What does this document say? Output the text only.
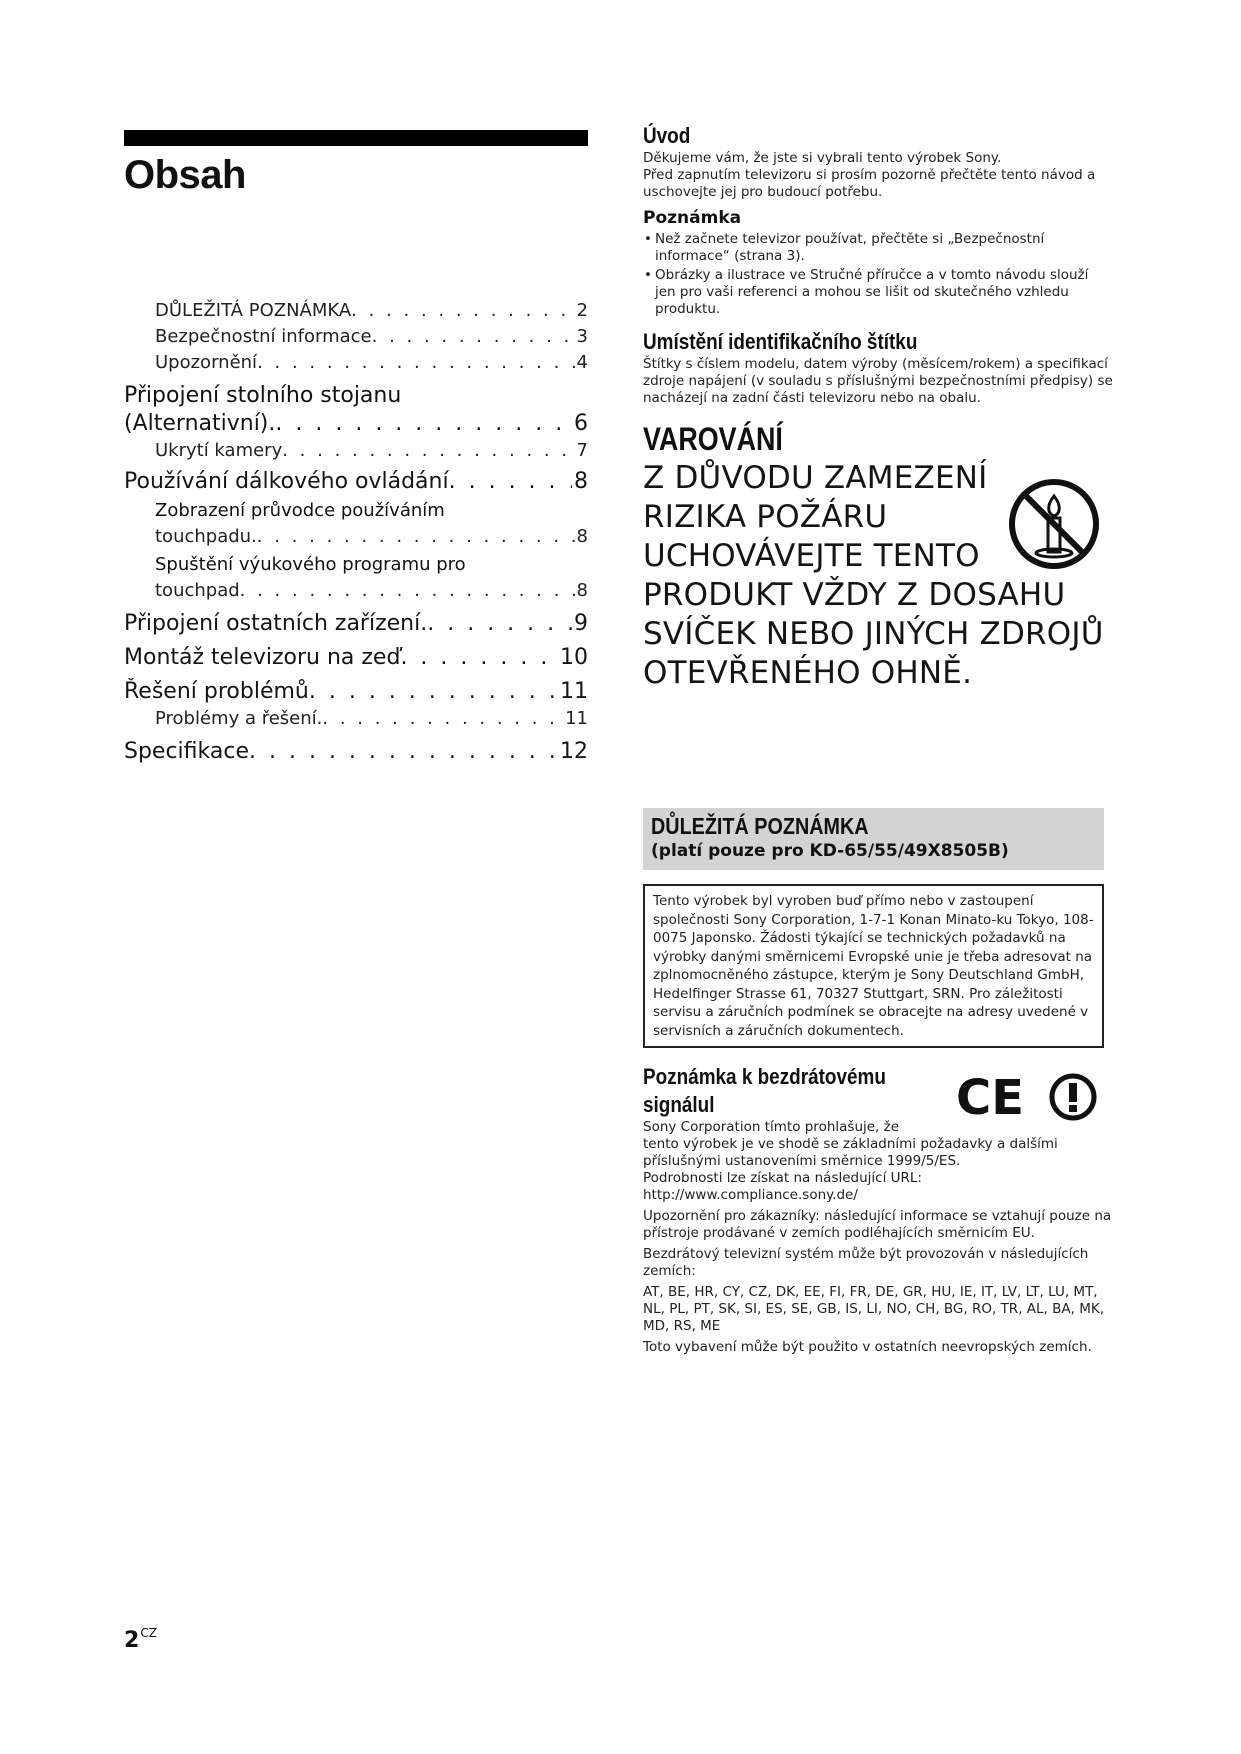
Obsah
DŮLEŽITÁ POZNÁMKA . . .	2
Bezpečnostní informace . . .	3
Upozornění . . .	4
Připojení stolního stojanu
(Alternativní). . . .	6
Ukrytí kamery . . .	7
Používání dálkového ovládání . . .	8
Zobrazení průvodce používáním
touchpadu. . . .	8
Spuštění výukového programu pro
touchpad . . .	8
Připojení ostatních zařízení. . . .	9
Montáž televizoru na zeď . . .	10
Řešení problémů . . .	11
Problémy a řešení. . . .	11
Specifikace . . .	12
Úvod

Děkujeme vám, že jste si vybrali tento výrobek Sony.

Před zapnutím televizoru si prosím pozorně přečtěte tento návod a uschovejte jej pro budoucí potřebu.

Poznámka
• Než začnete televizor používat, přečtěte si „Bezpečnostní informace“ (strana 3).
• Obrázky a ilustrace ve Stručné příručce a v tomto návodu slouží jen pro vaši referenci a mohou se lišit od skutečného vzhledu produktu.
Umístění identifikačního štítku

Štítky s číslem modelu, datem výroby (měsícem/rokem) a specifikací zdroje napájení (v souladu s příslušnými bezpečnostními předpisy) se nacházejí na zadní části televizoru nebo na obalu.

VAROVÁNÍ

Z DŮVODU ZAMEZENÍ

RIZIKA POŽÁRU

UCHOVÁVEJTE TENTO

PRODUKT VŽDY Z DOSAHU

SVÍČEK NEBO JINÝCH ZDROJŮ

OTEVŘENÉHO OHNĚ.

DŮLEŽITÁ POZNÁMKA
(platí pouze pro KD-65/55/49X8505B)
Tento výrobek byl vyroben buď přímo nebo v zastoupení společnosti Sony Corporation, 1-7-1 Konan Minato-ku Tokyo, 108-0075 Japonsko. Žádosti týkající se technických požadavků na výrobky danými směrnicemi Evropské unie je třeba adresovat na zplnomocněného zástupce, kterým je Sony Deutschland GmbH, Hedelfinger Strasse 61, 70327 Stuttgart, SRN. Pro záležitosti servisu a záručních podmínek se obracejte na adresy uvedené v servisních a záručních dokumentech.
Poznámka k bezdrátovému
signálul

Sony Corporation tímto prohlašuje, že

tento výrobek je ve shodě se základními požadavky a dalšími příslušnými ustanoveními směrnice 1999/5/ES.

Podrobnosti lze získat na následující URL:

http://www.compliance.sony.de/

Upozornění pro zákazníky: následující informace se vztahují pouze na přístroje prodávané v zemích podléhajících směrnicím EU.

Bezdrátový televizní systém může být provozován v následujících zemích:

AT, BE, HR, CY, CZ, DK, EE, FI, FR, DE, GR, HU, IE, IT, LV, LT, LU, MT, NL, PL, PT, SK, SI, ES, SE, GB, IS, LI, NO, CH, BG, RO, TR, AL, BA, MK, MD, RS, ME

Toto vybavení může být použito v ostatních neevropských zemích.

CE
$2^{CZ}$
